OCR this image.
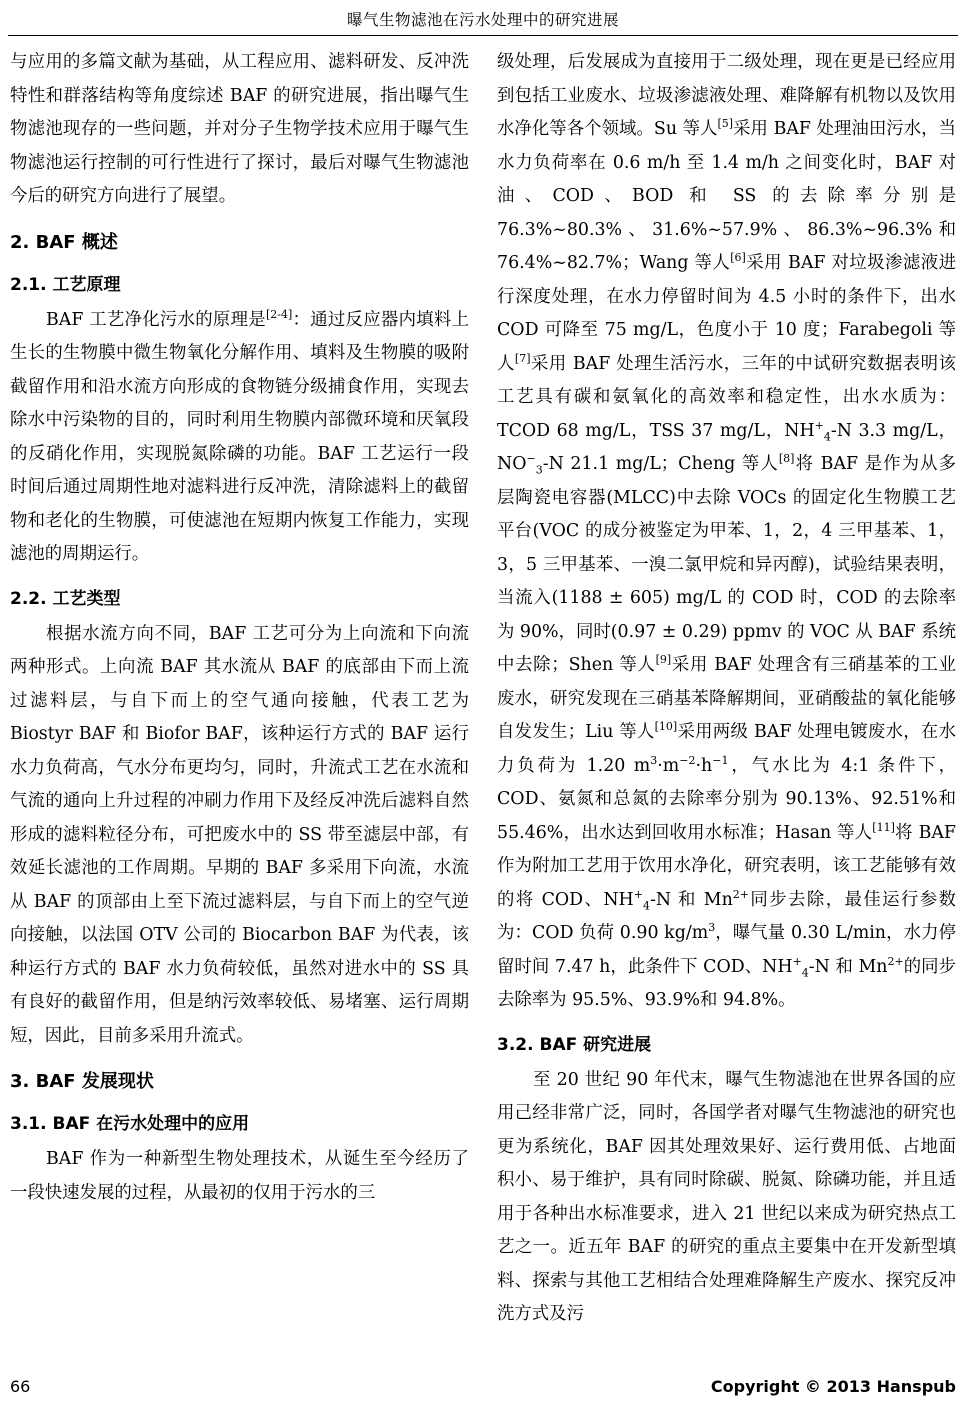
曝气生物滤池在污水处理中的研究进展

与应用的多篇文献为基础，从工程应用、滤料研发、反冲洗特性和群落结构等角度综述 BAF 的研究进展，指出曝气生物滤池现存的一些问题，并对分子生物学技术应用于曝气生物滤池运行控制的可行性进行了探讨，最后对曝气生物滤池今后的研究方向进行了展望。

2. BAF 概述
2.1. 工艺原理

BAF 工艺净化污水的原理是[2-4]：通过反应器内填料上生长的生物膜中微生物氧化分解作用、填料及生物膜的吸附截留作用和沿水流方向形成的食物链分级捕食作用，实现去除水中污染物的目的，同时利用生物膜内部微环境和厌氧段的反硝化作用，实现脱氮除磷的功能。BAF 工艺运行一段时间后通过周期性地对滤料进行反冲洗，清除滤料上的截留物和老化的生物膜，可使滤池在短期内恢复工作能力，实现滤池的周期运行。

2.2. 工艺类型

根据水流方向不同，BAF 工艺可分为上向流和下向流两种形式。上向流 BAF 其水流从 BAF 的底部由下而上流过滤料层，与自下而上的空气通向接触，代表工艺为 Biostyr BAF 和 Biofor BAF，该种运行方式的 BAF 运行水力负荷高，气水分布更均匀，同时，升流式工艺在水流和气流的通向上升过程的冲刷力作用下及经反冲洗后滤料自然形成的滤料粒径分布，可把废水中的 SS 带至滤层中部，有效延长滤池的工作周期。早期的 BAF 多采用下向流，水流从 BAF 的顶部由上至下流过滤料层，与自下而上的空气逆向接触，以法国 OTV 公司的 Biocarbon BAF 为代表，该种运行方式的 BAF 水力负荷较低，虽然对进水中的 SS 具有良好的截留作用，但是纳污效率较低、易堵塞、运行周期短，因此，目前多采用升流式。

3. BAF 发展现状
3.1. BAF 在污水处理中的应用

BAF 作为一种新型生物处理技术，从诞生至今经历了一段快速发展的过程，从最初的仅用于污水的三

级处理，后发展成为直接用于二级处理，现在更是已经应用到包括工业废水、垃圾渗滤液处理、难降解有机物以及饮用水净化等各个领域。Su 等人[5]采用 BAF 处理油田污水，当水力负荷率在 0.6 m/h 至 1.4 m/h 之间变化时，BAF 对油、COD、BOD 和 SS 的去除率分别是 76.3%~80.3%、31.6%~57.9%、86.3%~96.3%和 76.4%~82.7%；Wang 等人[6]采用 BAF 对垃圾渗滤液进行深度处理，在水力停留时间为 4.5 小时的条件下，出水 COD 可降至 75 mg/L，色度小于 10 度；Farabegoli 等人[7]采用 BAF 处理生活污水，三年的中试研究数据表明该工艺具有碳和氨氧化的高效率和稳定性，出水水质为：TCOD 68 mg/L，TSS 37 mg/L，$NH^+_4-N$ 3.3 mg/L，$NO^-_3-N$ 21.1 mg/L；Cheng 等人[8]将 BAF 是作为从多层陶瓷电容器(MLCC)中去除 VOCs 的固定化生物膜工艺平台(VOC 的成分被鉴定为甲苯、1，2，4 三甲基苯、1，3，5 三甲基苯、一溴二氯甲烷和异丙醇)，试验结果表明，当流入(1188 ± 605) mg/L 的 COD 时，COD 的去除率为 90%，同时(0.97 ± 0.29) ppmv 的 VOC 从 BAF 系统中去除；Shen 等人[9]采用 BAF 处理含有三硝基苯的工业废水，研究发现在三硝基苯降解期间，亚硝酸盐的氧化能够自发发生；Liu 等人[10]采用两级 BAF 处理电镀废水，在水力负荷为 1.20 $m^3\cdot m^{-2}\cdot h^{-1}$，气水比为 4:1 条件下，COD、氨氮和总氮的去除率分别为 90.13%、92.51%和 55.46%，出水达到回收用水标准；Hasan 等人[11]将 BAF 作为附加工艺用于饮用水净化，研究表明，该工艺能够有效的将 COD、$NH^+_4-N$ 和 $Mn^{2+}$同步去除，最佳运行参数为：COD 负荷 0.90 $kg/m^3$，曝气量 0.30 L/min，水力停留时间 7.47 h，此条件下 COD、$NH^+_4-N$ 和 $Mn^{2+}$的同步去除率为 95.5%、93.9%和 94.8%。

3.2. BAF 研究进展

至 20 世纪 90 年代末，曝气生物滤池在世界各国的应用己经非常广泛，同时，各国学者对曝气生物滤池的研究也更为系统化，BAF 因其处理效果好、运行费用低、占地面积小、易于维护，具有同时除碳、脱氮、除磷功能，并且适用于各种出水标准要求，进入 21 世纪以来成为研究热点工艺之一。近五年 BAF 的研究的重点主要集中在开发新型填料、探索与其他工艺相结合处理难降解生产废水、探究反冲洗方式及污

66	Copyright © 2013 Hanspub
